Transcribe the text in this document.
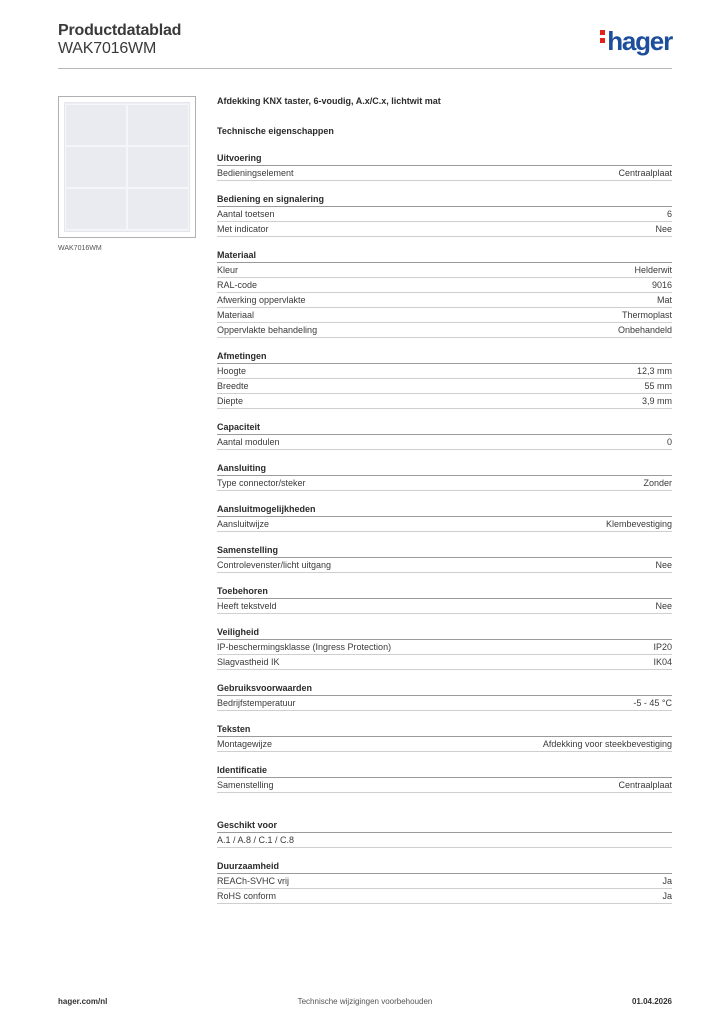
Productdatablad
WAK7016WM	hager
WAK7016WM
Afdekking KNX taster, 6-voudig, A.x/C.x, lichtwit mat
Technische eigenschappen
Uitvoering
Bedieningselement	Centraalplaat
Bediening en signalering
Aantal toetsen	6
Met indicator	Nee
Materiaal
Kleur	Helderwit
RAL-code	9016
Afwerking oppervlakte	Mat
Materiaal	Thermoplast
Oppervlakte behandeling	Onbehandeld
Afmetingen
Hoogte	12,3 mm
Breedte	55 mm
Diepte	3,9 mm
Capaciteit
Aantal modulen	0
Aansluiting
Type connector/steker	Zonder
Aansluitmogelijkheden
Aansluitwijze	Klembevestiging
Samenstelling
Controlevenster/licht uitgang	Nee
Toebehoren
Heeft tekstveld	Nee
Veiligheid
IP-beschermingsklasse (Ingress Protection)	IP20
Slagvastheid IK	IK04
Gebruiksvoorwaarden
Bedrijfstemperatuur	-5 - 45 °C
Teksten
Montagewijze	Afdekking voor steekbevestiging
Identificatie
Samenstelling	Centraalplaat
Geschikt voor
A.1 / A.8 / C.1 / C.8
Duurzaamheid
REACh-SVHC vrij	Ja
RoHS conform	Ja
Technische wijzigingen voorbehouden
hager.com/nl	01.04.2026
